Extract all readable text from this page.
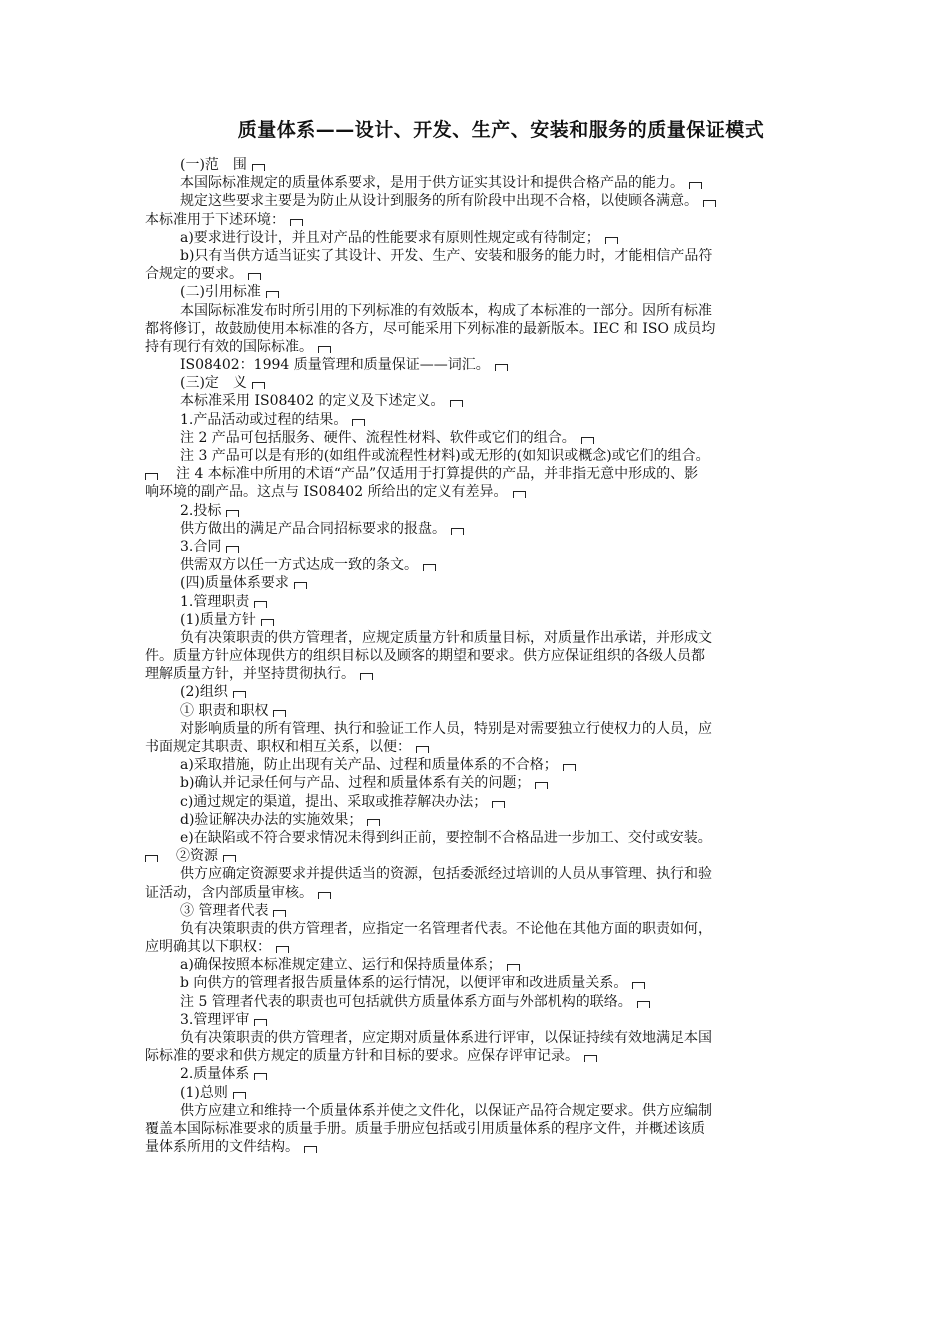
质量体系——设计、开发、生产、安装和服务的质量保证模式
(一)范　围
本国际标准规定的质量体系要求，是用于供方证实其设计和提供合格产品的能力。
规定这些要求主要是为防止从设计到服务的所有阶段中出现不合格，以使顾各满意。
本标准用于下述环境：
a)要求进行设计，并且对产品的性能要求有原则性规定或有待制定；
b)只有当供方适当证实了其设计、开发、生产、安装和服务的能力时，才能相信产品符
合规定的要求。
(二)引用标准
本国际标准发布时所引用的下列标准的有效版本，构成了本标准的一部分。因所有标准
都将修订，故鼓励使用本标准的各方，尽可能采用下列标准的最新版本。IEC 和 ISO 成员均
持有现行有效的国际标准。
IS08402：1994 质量管理和质量保证——词汇。
(三)定　义
本标准采用 IS08402 的定义及下述定义。
1.产品活动或过程的结果。
注 2 产品可包括服务、硬件、流程性材料、软件或它们的组合。
注 3 产品可以是有形的(如组件或流程性材料)或无形的(如知识或概念)或它们的组合。
注 4 本标准中所用的术语“产品”仅适用于打算提供的产品，并非指无意中形成的、影
响环境的副产品。这点与 IS08402 所给出的定义有差异。
2.投标
供方做出的满足产品合同招标要求的报盘。
3.合同
供需双方以任一方式达成一致的条文。
(四)质量体系要求
1.管理职责
(1)质量方针
负有决策职责的供方管理者，应规定质量方针和质量目标，对质量作出承诺，并形成文
件。质量方针应体现供方的组织目标以及顾客的期望和要求。供方应保证组织的各级人员都
理解质量方针，并坚持贯彻执行。
(2)组织
① 职责和职权
对影响质量的所有管理、执行和验证工作人员，特别是对需要独立行使权力的人员，应
书面规定其职责、职权和相互关系，以便：
a)采取措施，防止出现有关产品、过程和质量体系的不合格；
b)确认并记录任何与产品、过程和质量体系有关的问题；
c)通过规定的渠道，提出、采取或推荐解决办法；
d)验证解决办法的实施效果；
e)在缺陷或不符合要求情况未得到纠正前，要控制不合格品进一步加工、交付或安装。
②资源
供方应确定资源要求并提供适当的资源，包括委派经过培训的人员从事管理、执行和验
证活动，含内部质量审核。
③ 管理者代表
负有决策职责的供方管理者，应指定一名管理者代表。不论他在其他方面的职责如何，
应明确其以下职权：
a)确保按照本标准规定建立、运行和保持质量体系；
b 向供方的管理者报告质量体系的运行情况，以便评审和改进质量关系。
注 5 管理者代表的职责也可包括就供方质量体系方面与外部机构的联络。
3.管理评审
负有决策职责的供方管理者，应定期对质量体系进行评审，以保证持续有效地满足本国
际标准的要求和供方规定的质量方针和目标的要求。应保存评审记录。
2.质量体系
(1)总则
供方应建立和维持一个质量体系并使之文件化，以保证产品符合规定要求。供方应编制
覆盖本国际标准要求的质量手册。质量手册应包括或引用质量体系的程序文件，并概述该质
量体系所用的文件结构。
